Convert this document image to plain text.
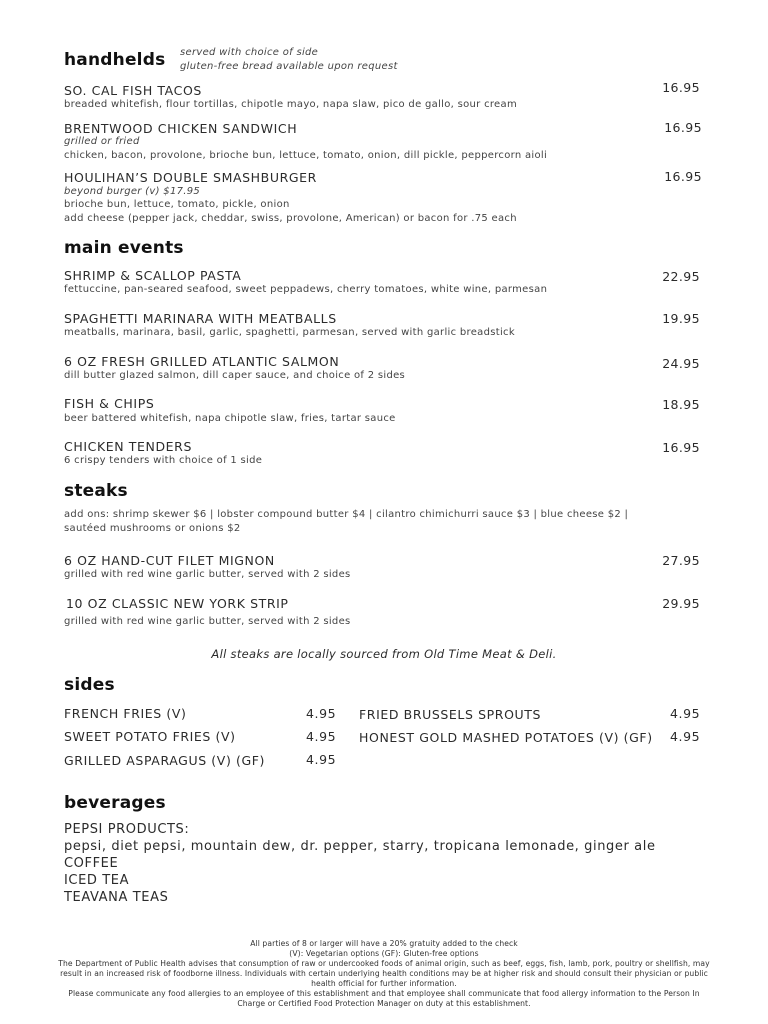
handhelds served with choice of side
gluten-free bread available upon request
SO. CAL FISH TACOS	16.95
breaded whitefish, flour tortillas, chipotle mayo, napa slaw, pico de gallo, sour cream
BRENTWOOD CHICKEN SANDWICH	16.95
grilled or fried
chicken, bacon, provolone, brioche bun, lettuce, tomato, onion, dill pickle, peppercorn aioli
HOULIHAN’S DOUBLE SMASHBURGER	16.95
beyond burger (v) $17.95
brioche bun, lettuce, tomato, pickle, onion
add cheese (pepper jack, cheddar, swiss, provolone, American) or bacon for .75 each
main events
SHRIMP & SCALLOP PASTA	22.95
fettuccine, pan-seared seafood, sweet peppadews, cherry tomatoes, white wine, parmesan
SPAGHETTI MARINARA WITH MEATBALLS	19.95
meatballs, marinara, basil, garlic, spaghetti, parmesan, served with garlic breadstick
6 OZ FRESH GRILLED ATLANTIC SALMON	24.95
dill butter glazed salmon, dill caper sauce, and choice of 2 sides
FISH & CHIPS	18.95
beer battered whitefish, napa chipotle slaw, fries, tartar sauce
CHICKEN TENDERS	16.95
6 crispy tenders with choice of 1 side
steaks
add ons: shrimp skewer $6 | lobster compound butter $4 | cilantro chimichurri sauce $3 | blue cheese $2 |
sautéed mushrooms or onions $2
6 OZ HAND-CUT FILET MIGNON	27.95
grilled with red wine garlic butter, served with 2 sides
10 OZ CLASSIC NEW YORK STRIP	29.95
grilled with red wine garlic butter, served with 2 sides
All steaks are locally sourced from Old Time Meat & Deli.
sides
FRENCH FRIES (V)	4.95
SWEET POTATO FRIES (V)	4.95
GRILLED ASPARAGUS (V) (GF)	4.95
FRIED BRUSSELS SPROUTS	4.95
HONEST GOLD MASHED POTATOES (V) (GF) 4.95
beverages
PEPSI PRODUCTS:
pepsi, diet pepsi, mountain dew, dr. pepper, starry, tropicana lemonade, ginger ale
COFFEE
ICED TEA
TEAVANA TEAS
All parties of 8 or larger will have a 20% gratuity added to the check
(V): Vegetarian options (GF): Gluten-free options
The Department of Public Health advises that consumption of raw or undercooked foods of animal origin, such as beef, eggs, fish, lamb, pork, poultry or shellfish, may
result in an increased risk of foodborne illness. Individuals with certain underlying health conditions may be at higher risk and should consult their physician or public
health official for further information.
Please communicate any food allergies to an employee of this establishment and that employee shall communicate that food allergy information to the Person In
Charge or Certified Food Protection Manager on duty at this establishment.
